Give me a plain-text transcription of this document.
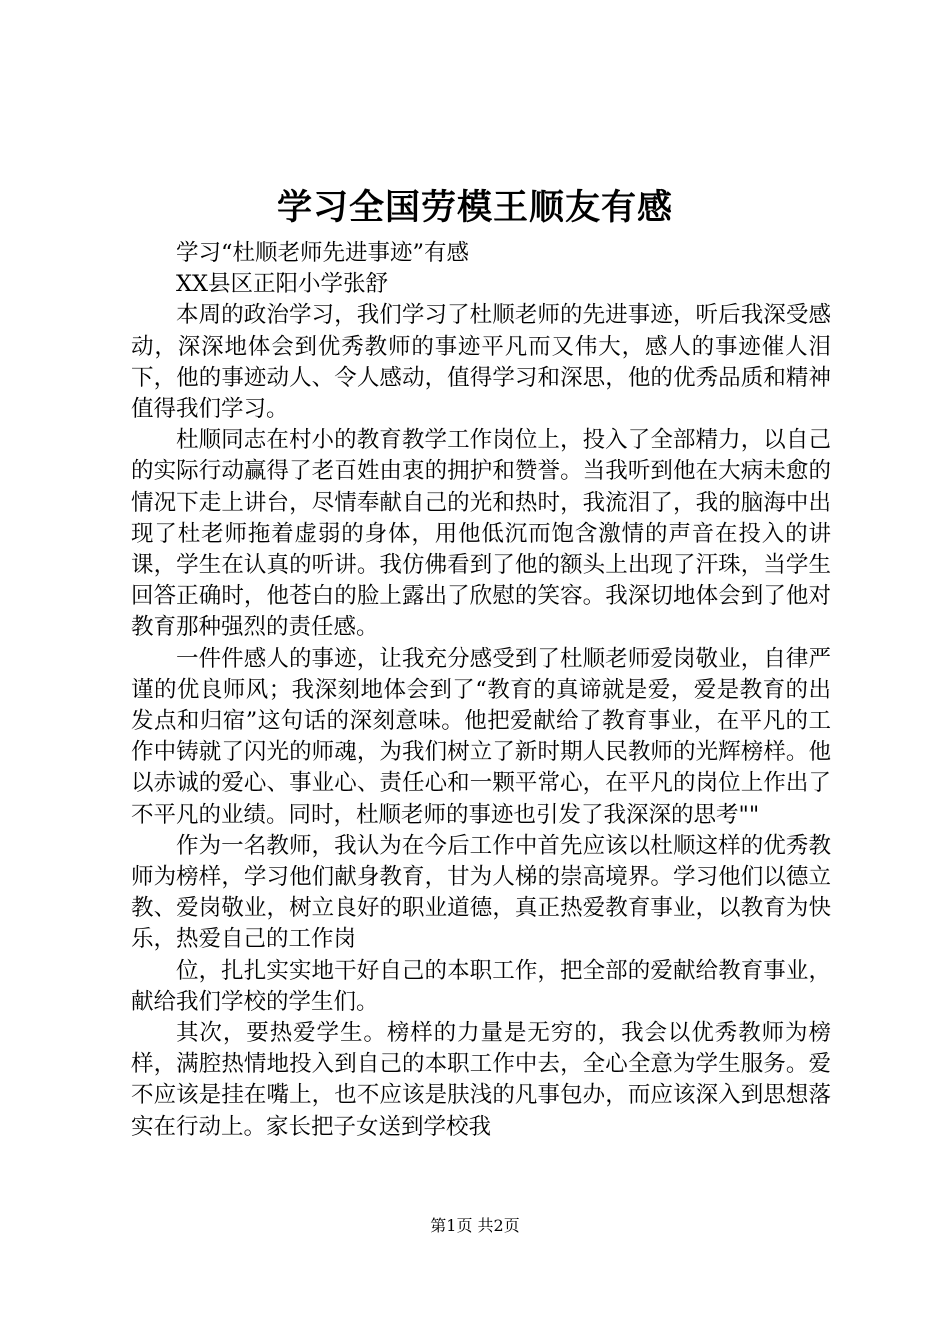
学习全国劳模王顺友有感

学习“杜顺老师先进事迹”有感

XX县区正阳小学张舒

本周的政治学习，我们学习了杜顺老师的先进事迹，听后我深受感动，深深地体会到优秀教师的事迹平凡而又伟大，感人的事迹催人泪下，他的事迹动人、令人感动，值得学习和深思，他的优秀品质和精神值得我们学习。

杜顺同志在村小的教育教学工作岗位上，投入了全部精力，以自己的实际行动赢得了老百姓由衷的拥护和赞誉。当我听到他在大病未愈的情况下走上讲台，尽情奉献自己的光和热时，我流泪了，我的脑海中出现了杜老师拖着虚弱的身体，用他低沉而饱含激情的声音在投入的讲课，学生在认真的听讲。我仿佛看到了他的额头上出现了汗珠，当学生回答正确时，他苍白的脸上露出了欣慰的笑容。我深切地体会到了他对教育那种强烈的责任感。

一件件感人的事迹，让我充分感受到了杜顺老师爱岗敬业，自律严谨的优良师风；我深刻地体会到了“教育的真谛就是爱，爱是教育的出发点和归宿”这句话的深刻意味。他把爱献给了教育事业，在平凡的工作中铸就了闪光的师魂，为我们树立了新时期人民教师的光辉榜样。他以赤诚的爱心、事业心、责任心和一颗平常心，在平凡的岗位上作出了不平凡的业绩。同时，杜顺老师的事迹也引发了我深深的思考""

作为一名教师，我认为在今后工作中首先应该以杜顺这样的优秀教师为榜样，学习他们献身教育，甘为人梯的崇高境界。学习他们以德立教、爱岗敬业，树立良好的职业道德，真正热爱教育事业，以教育为快乐，热爱自己的工作岗

位，扎扎实实地干好自己的本职工作，把全部的爱献给教育事业，献给我们学校的学生们。

其次，要热爱学生。榜样的力量是无穷的，我会以优秀教师为榜样，满腔热情地投入到自己的本职工作中去，全心全意为学生服务。爱不应该是挂在嘴上，也不应该是肤浅的凡事包办，而应该深入到思想落实在行动上。家长把子女送到学校我

第1页 共2页
